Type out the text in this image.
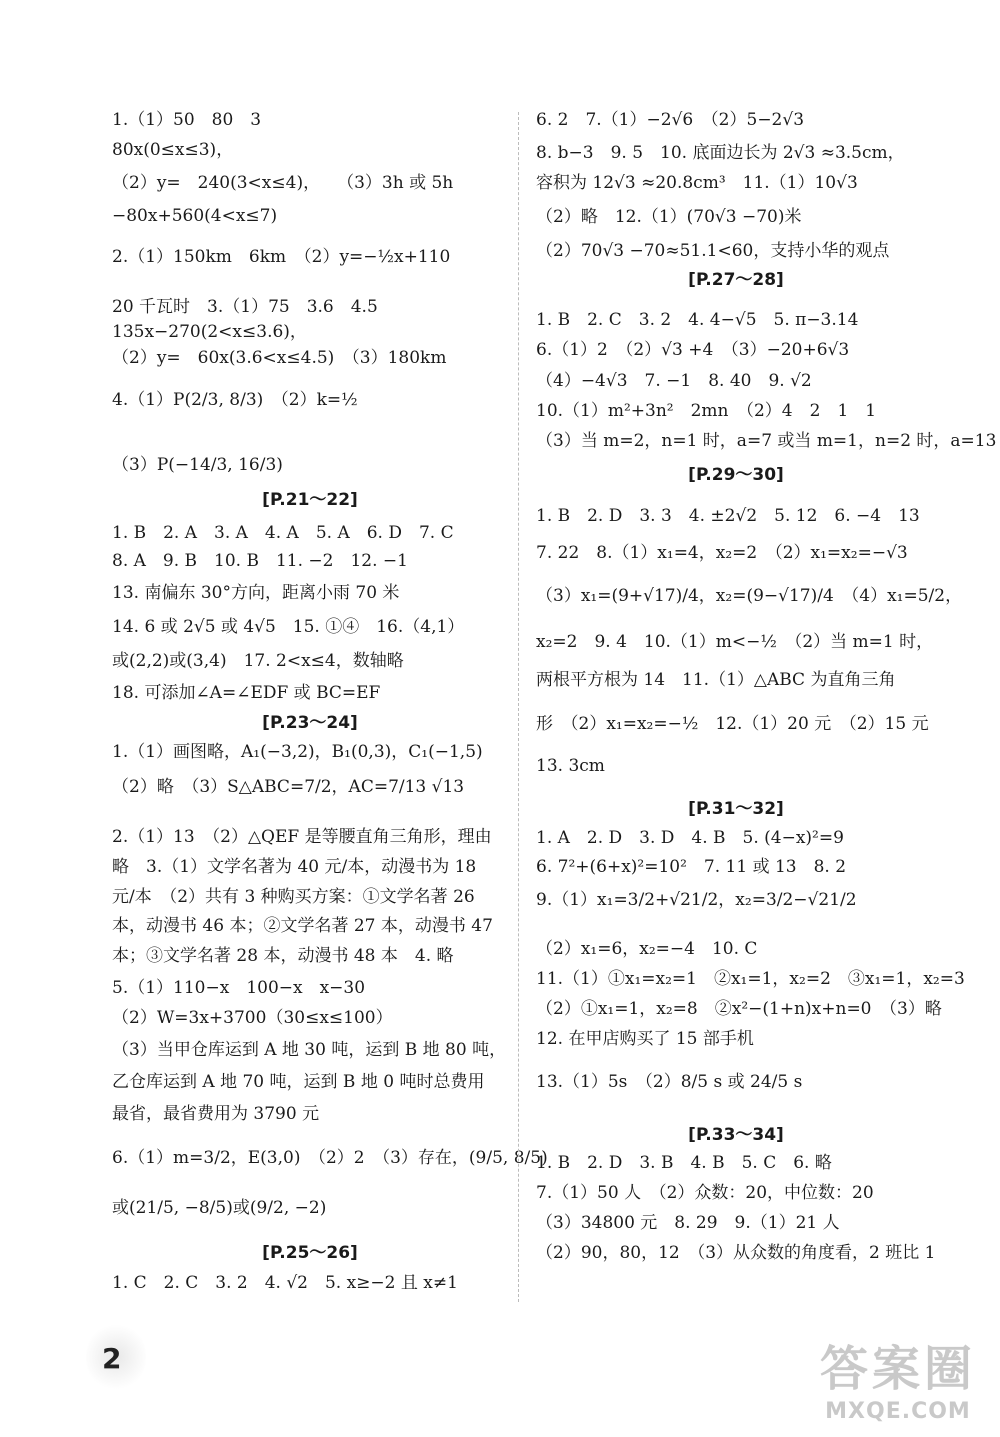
1.（1）50　80　3
80x(0≤x≤3)，
（2）y=　240(3<x≤4)，　　（3）3h 或 5h
−80x+560(4<x≤7)
2.（1）150km　6km　（2）y=−½x+110
20 千瓦时　3.（1）75　3.6　4.5
135x−270(2<x≤3.6)，
（2）y=　60x(3.6<x≤4.5)　（3）180km
4.（1）P(2/3, 8/3)　（2）k=½
（3）P(−14/3, 16/3)
[P.21～22]
1. B　2. A　3. A　4. A　5. A　6. D　7. C
8. A　9. B　10. B　11. −2　12. −1
13. 南偏东 30°方向，距离小雨 70 米
14. 6 或 2√5 或 4√5　15. ①④　16.（4,1）
或(2,2)或(3,4)　17. 2<x≤4，数轴略
18. 可添加∠A=∠EDF 或 BC=EF
[P.23～24]
1.（1）画图略，A₁(−3,2)，B₁(0,3)，C₁(−1,5)
（2）略　（3）S△ABC=7/2，AC=7/13 √13
2.（1）13　（2）△QEF 是等腰直角三角形，理由
略　3.（1）文学名著为 40 元/本，动漫书为 18
元/本　（2）共有 3 种购买方案：①文学名著 26
本，动漫书 46 本；②文学名著 27 本，动漫书 47
本；③文学名著 28 本，动漫书 48 本　4. 略
5.（1）110−x　100−x　x−30
（2）W=3x+3700（30≤x≤100）
（3）当甲仓库运到 A 地 30 吨，运到 B 地 80 吨，
乙仓库运到 A 地 70 吨，运到 B 地 0 吨时总费用
最省，最省费用为 3790 元
6.（1）m=3/2，E(3,0)　（2）2　（3）存在，(9/5, 8/5)
或(21/5, −8/5)或(9/2, −2)
[P.25～26]
1. C　2. C　3. 2　4. √2　5. x≥−2 且 x≠1
6. 2　7.（1）−2√6　（2）5−2√3
8. b−3　9. 5　10. 底面边长为 2√3 ≈3.5cm，
容积为 12√3 ≈20.8cm³　11.（1）10√3
（2）略　12.（1）(70√3 −70)米
（2）70√3 −70≈51.1<60，支持小华的观点
[P.27～28]
1. B　2. C　3. 2　4. 4−√5　5. π−3.14
6.（1）2　（2）√3 +4　（3）−20+6√3
（4）−4√3　7. −1　8. 40　9. √2
10.（1）m²+3n²　2mn　（2）4　2　1　1
（3）当 m=2，n=1 时，a=7 或当 m=1，n=2 时，a=13
[P.29～30]
1. B　2. D　3. 3　4. ±2√2　5. 12　6. −4　13
7. 22　8.（1）x₁=4，x₂=2　（2）x₁=x₂=−√3
（3）x₁=(9+√17)/4，x₂=(9−√17)/4　（4）x₁=5/2，
x₂=2　9. 4　10.（1）m<−½　（2）当 m=1 时，
两根平方根为 14　11.（1）△ABC 为直角三角
形　（2）x₁=x₂=−½　12.（1）20 元　（2）15 元
13. 3cm
[P.31～32]
1. A　2. D　3. D　4. B　5. (4−x)²=9
6. 7²+(6+x)²=10²　7. 11 或 13　8. 2
9.（1）x₁=3/2+√21/2，x₂=3/2−√21/2
（2）x₁=6，x₂=−4　10. C
11.（1）①x₁=x₂=1　②x₁=1，x₂=2　③x₁=1，x₂=3
（2）①x₁=1，x₂=8　②x²−(1+n)x+n=0　（3）略
12. 在甲店购买了 15 部手机
13.（1）5s　（2）8/5 s 或 24/5 s
[P.33～34]
1. B　2. D　3. B　4. B　5. C　6. 略
7.（1）50 人　（2）众数：20，中位数：20
（3）34800 元　8. 29　9.（1）21 人
（2）90，80，12　（3）从众数的角度看，2 班比 1
2	答案圈
MXQE.COM
